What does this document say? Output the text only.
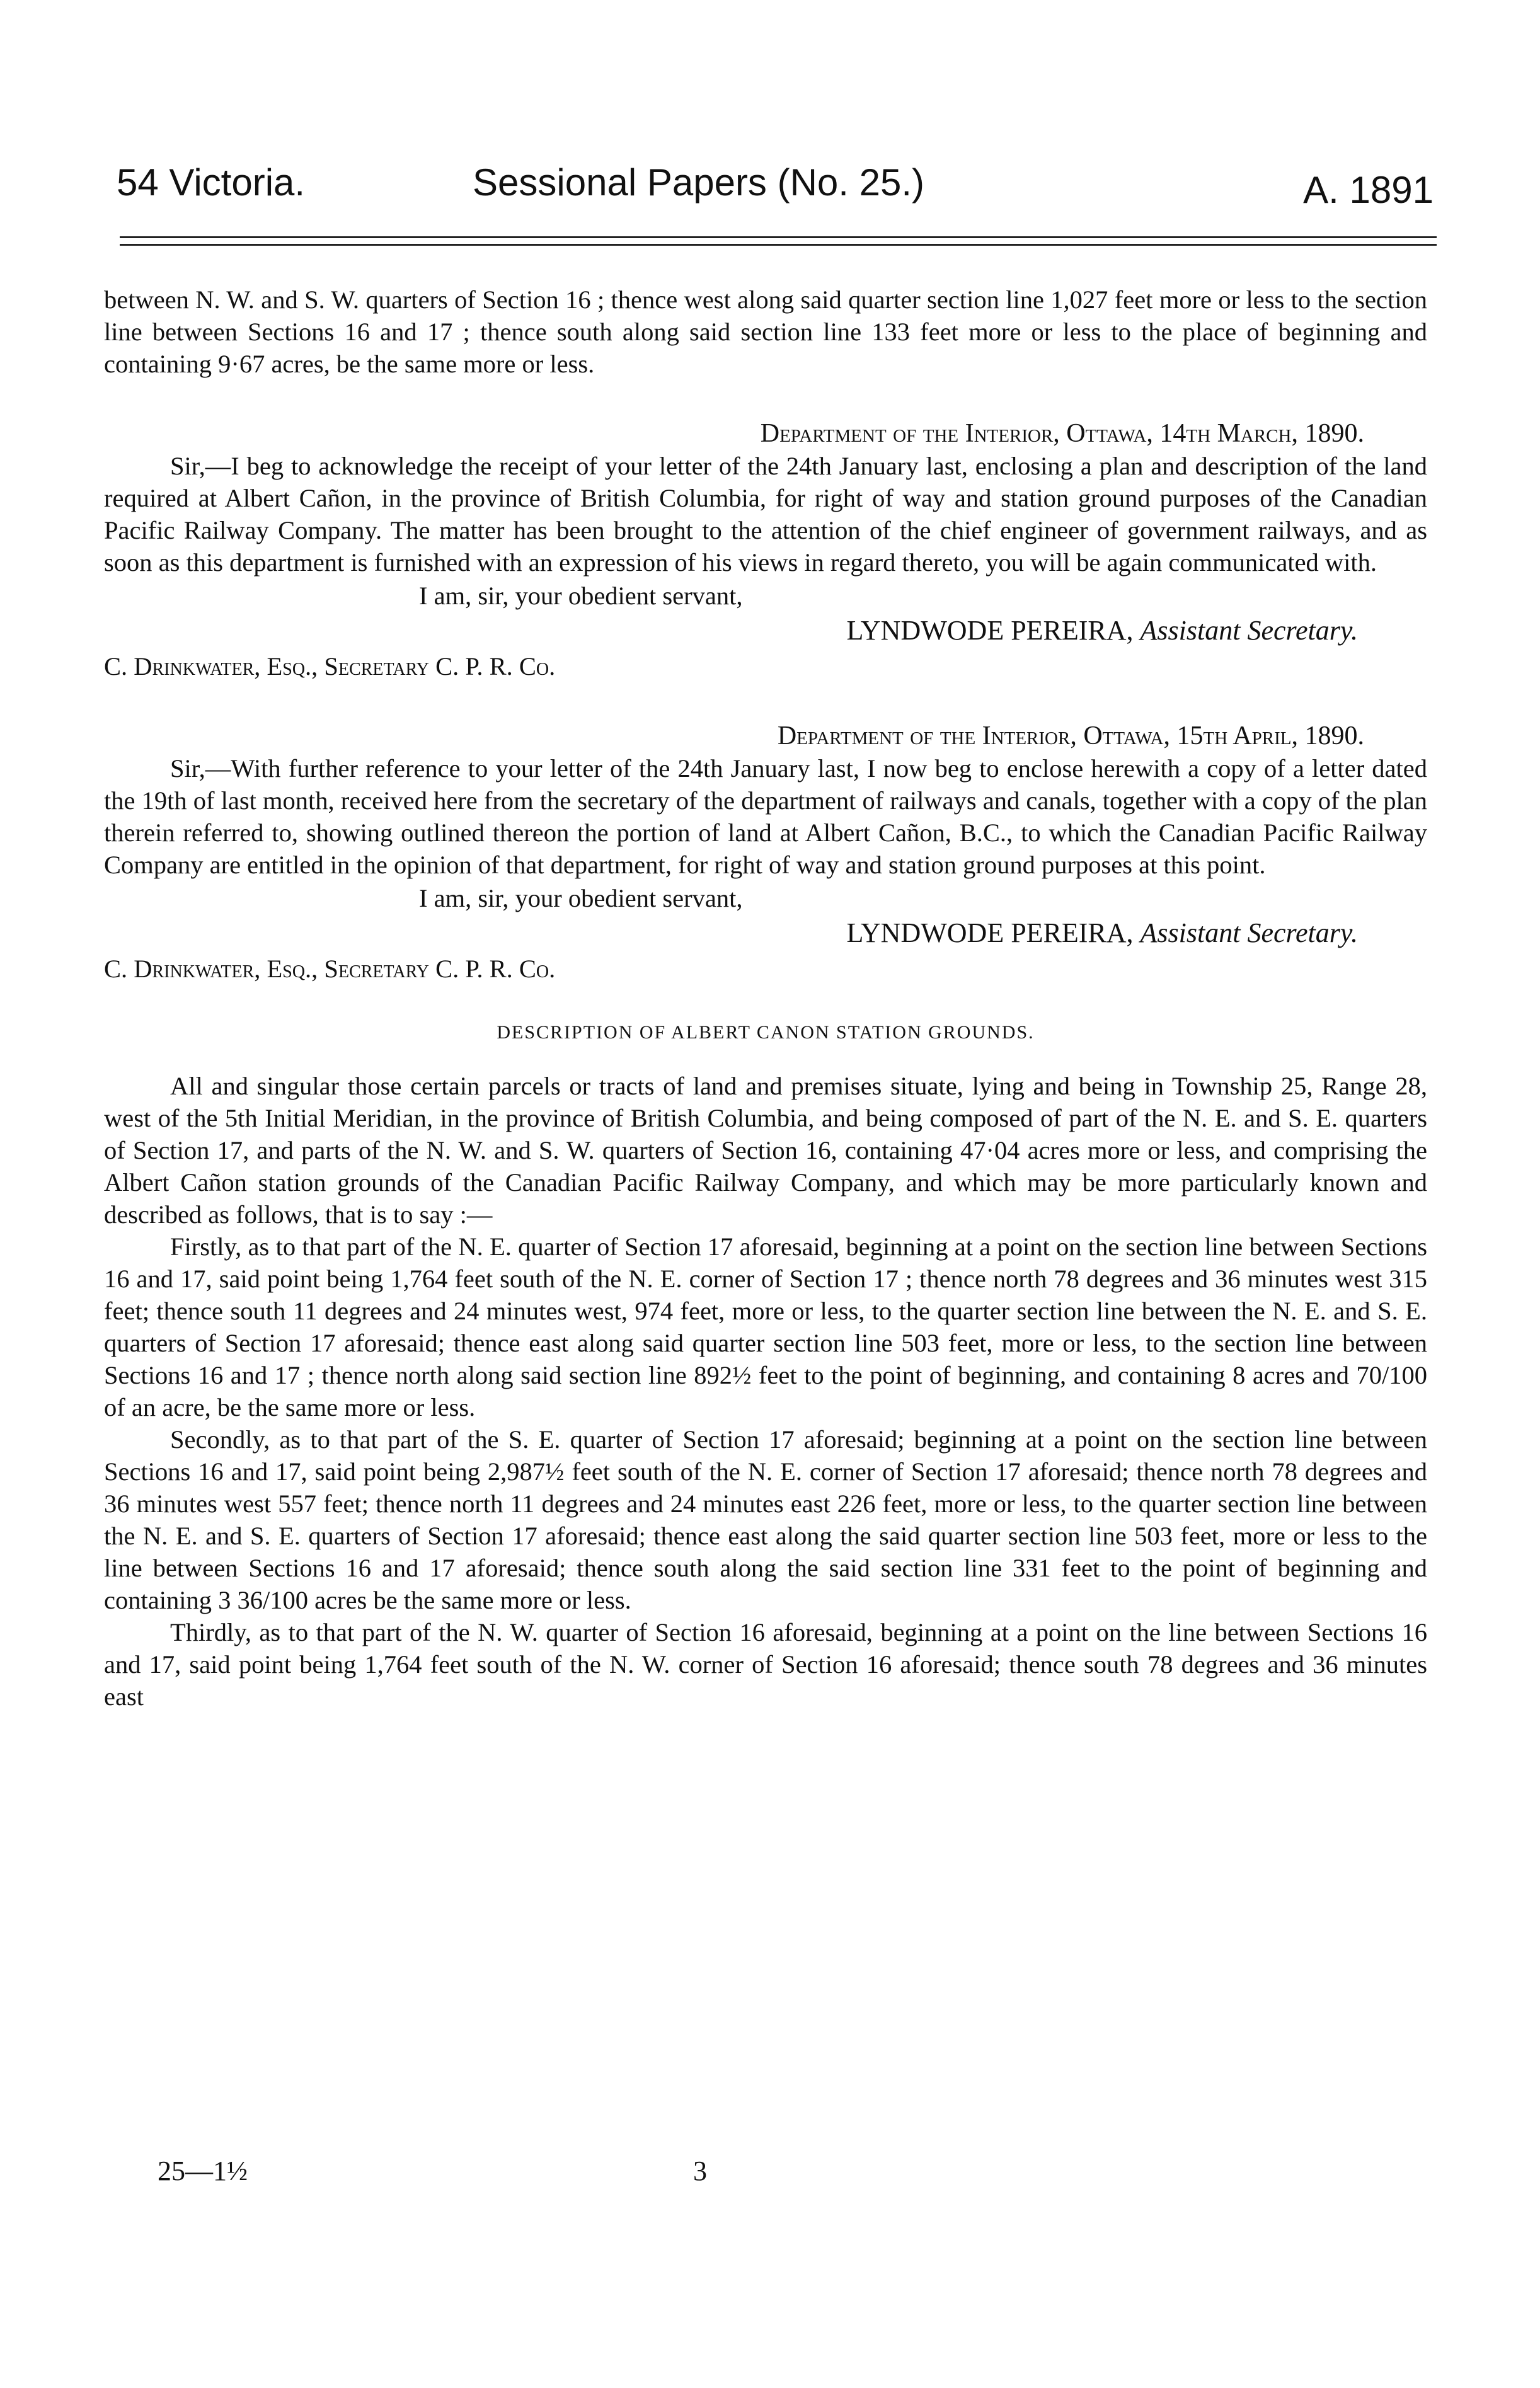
54 Victoria.	Sessional Papers (No. 25.)	A. 1891

between N. W. and S. W. quarters of Section 16 ; thence west along said quarter section line 1,027 feet more or less to the section line between Sections 16 and 17 ; thence south along said section line 133 feet more or less to the place of beginning and containing 9·67 acres, be the same more or less.

Department of the Interior, Ottawa, 14th March, 1890.

Sir,—I beg to acknowledge the receipt of your letter of the 24th January last, enclosing a plan and description of the land required at Albert Cañon, in the province of British Columbia, for right of way and station ground purposes of the Canadian Pacific Railway Company. The matter has been brought to the attention of the chief engineer of government railways, and as soon as this department is furnished with an expression of his views in regard thereto, you will be again communicated with.

I am, sir, your obedient servant,

LYNDWODE PEREIRA, Assistant Secretary.

C. Drinkwater, Esq., Secretary C. P. R. Co.

Department of the Interior, Ottawa, 15th April, 1890.

Sir,—With further reference to your letter of the 24th January last, I now beg to enclose herewith a copy of a letter dated the 19th of last month, received here from the secretary of the department of railways and canals, together with a copy of the plan therein referred to, showing outlined thereon the portion of land at Albert Cañon, B.C., to which the Canadian Pacific Railway Company are entitled in the opinion of that department, for right of way and station ground purposes at this point.

I am, sir, your obedient servant,

LYNDWODE PEREIRA, Assistant Secretary.

C. Drinkwater, Esq., Secretary C. P. R. Co.

DESCRIPTION OF ALBERT CANON STATION GROUNDS.

All and singular those certain parcels or tracts of land and premises situate, lying and being in Township 25, Range 28, west of the 5th Initial Meridian, in the province of British Columbia, and being composed of part of the N. E. and S. E. quarters of Section 17, and parts of the N. W. and S. W. quarters of Section 16, containing 47·04 acres more or less, and comprising the Albert Cañon station grounds of the Canadian Pacific Railway Company, and which may be more particularly known and described as follows, that is to say :—

Firstly, as to that part of the N. E. quarter of Section 17 aforesaid, beginning at a point on the section line between Sections 16 and 17, said point being 1,764 feet south of the N. E. corner of Section 17 ; thence north 78 degrees and 36 minutes west 315 feet; thence south 11 degrees and 24 minutes west, 974 feet, more or less, to the quarter section line between the N. E. and S. E. quarters of Section 17 aforesaid; thence east along said quarter section line 503 feet, more or less, to the section line between Sections 16 and 17 ; thence north along said section line 892½ feet to the point of beginning, and containing 8 acres and 70/100 of an acre, be the same more or less.

Secondly, as to that part of the S. E. quarter of Section 17 aforesaid; beginning at a point on the section line between Sections 16 and 17, said point being 2,987½ feet south of the N. E. corner of Section 17 aforesaid; thence north 78 degrees and 36 minutes west 557 feet; thence north 11 degrees and 24 minutes east 226 feet, more or less, to the quarter section line between the N. E. and S. E. quarters of Section 17 aforesaid; thence east along the said quarter section line 503 feet, more or less to the line between Sections 16 and 17 aforesaid; thence south along the said section line 331 feet to the point of beginning and containing 3 36/100 acres be the same more or less.

Thirdly, as to that part of the N. W. quarter of Section 16 aforesaid, beginning at a point on the line between Sections 16 and 17, said point being 1,764 feet south of the N. W. corner of Section 16 aforesaid; thence south 78 degrees and 36 minutes east

25—1½	3
